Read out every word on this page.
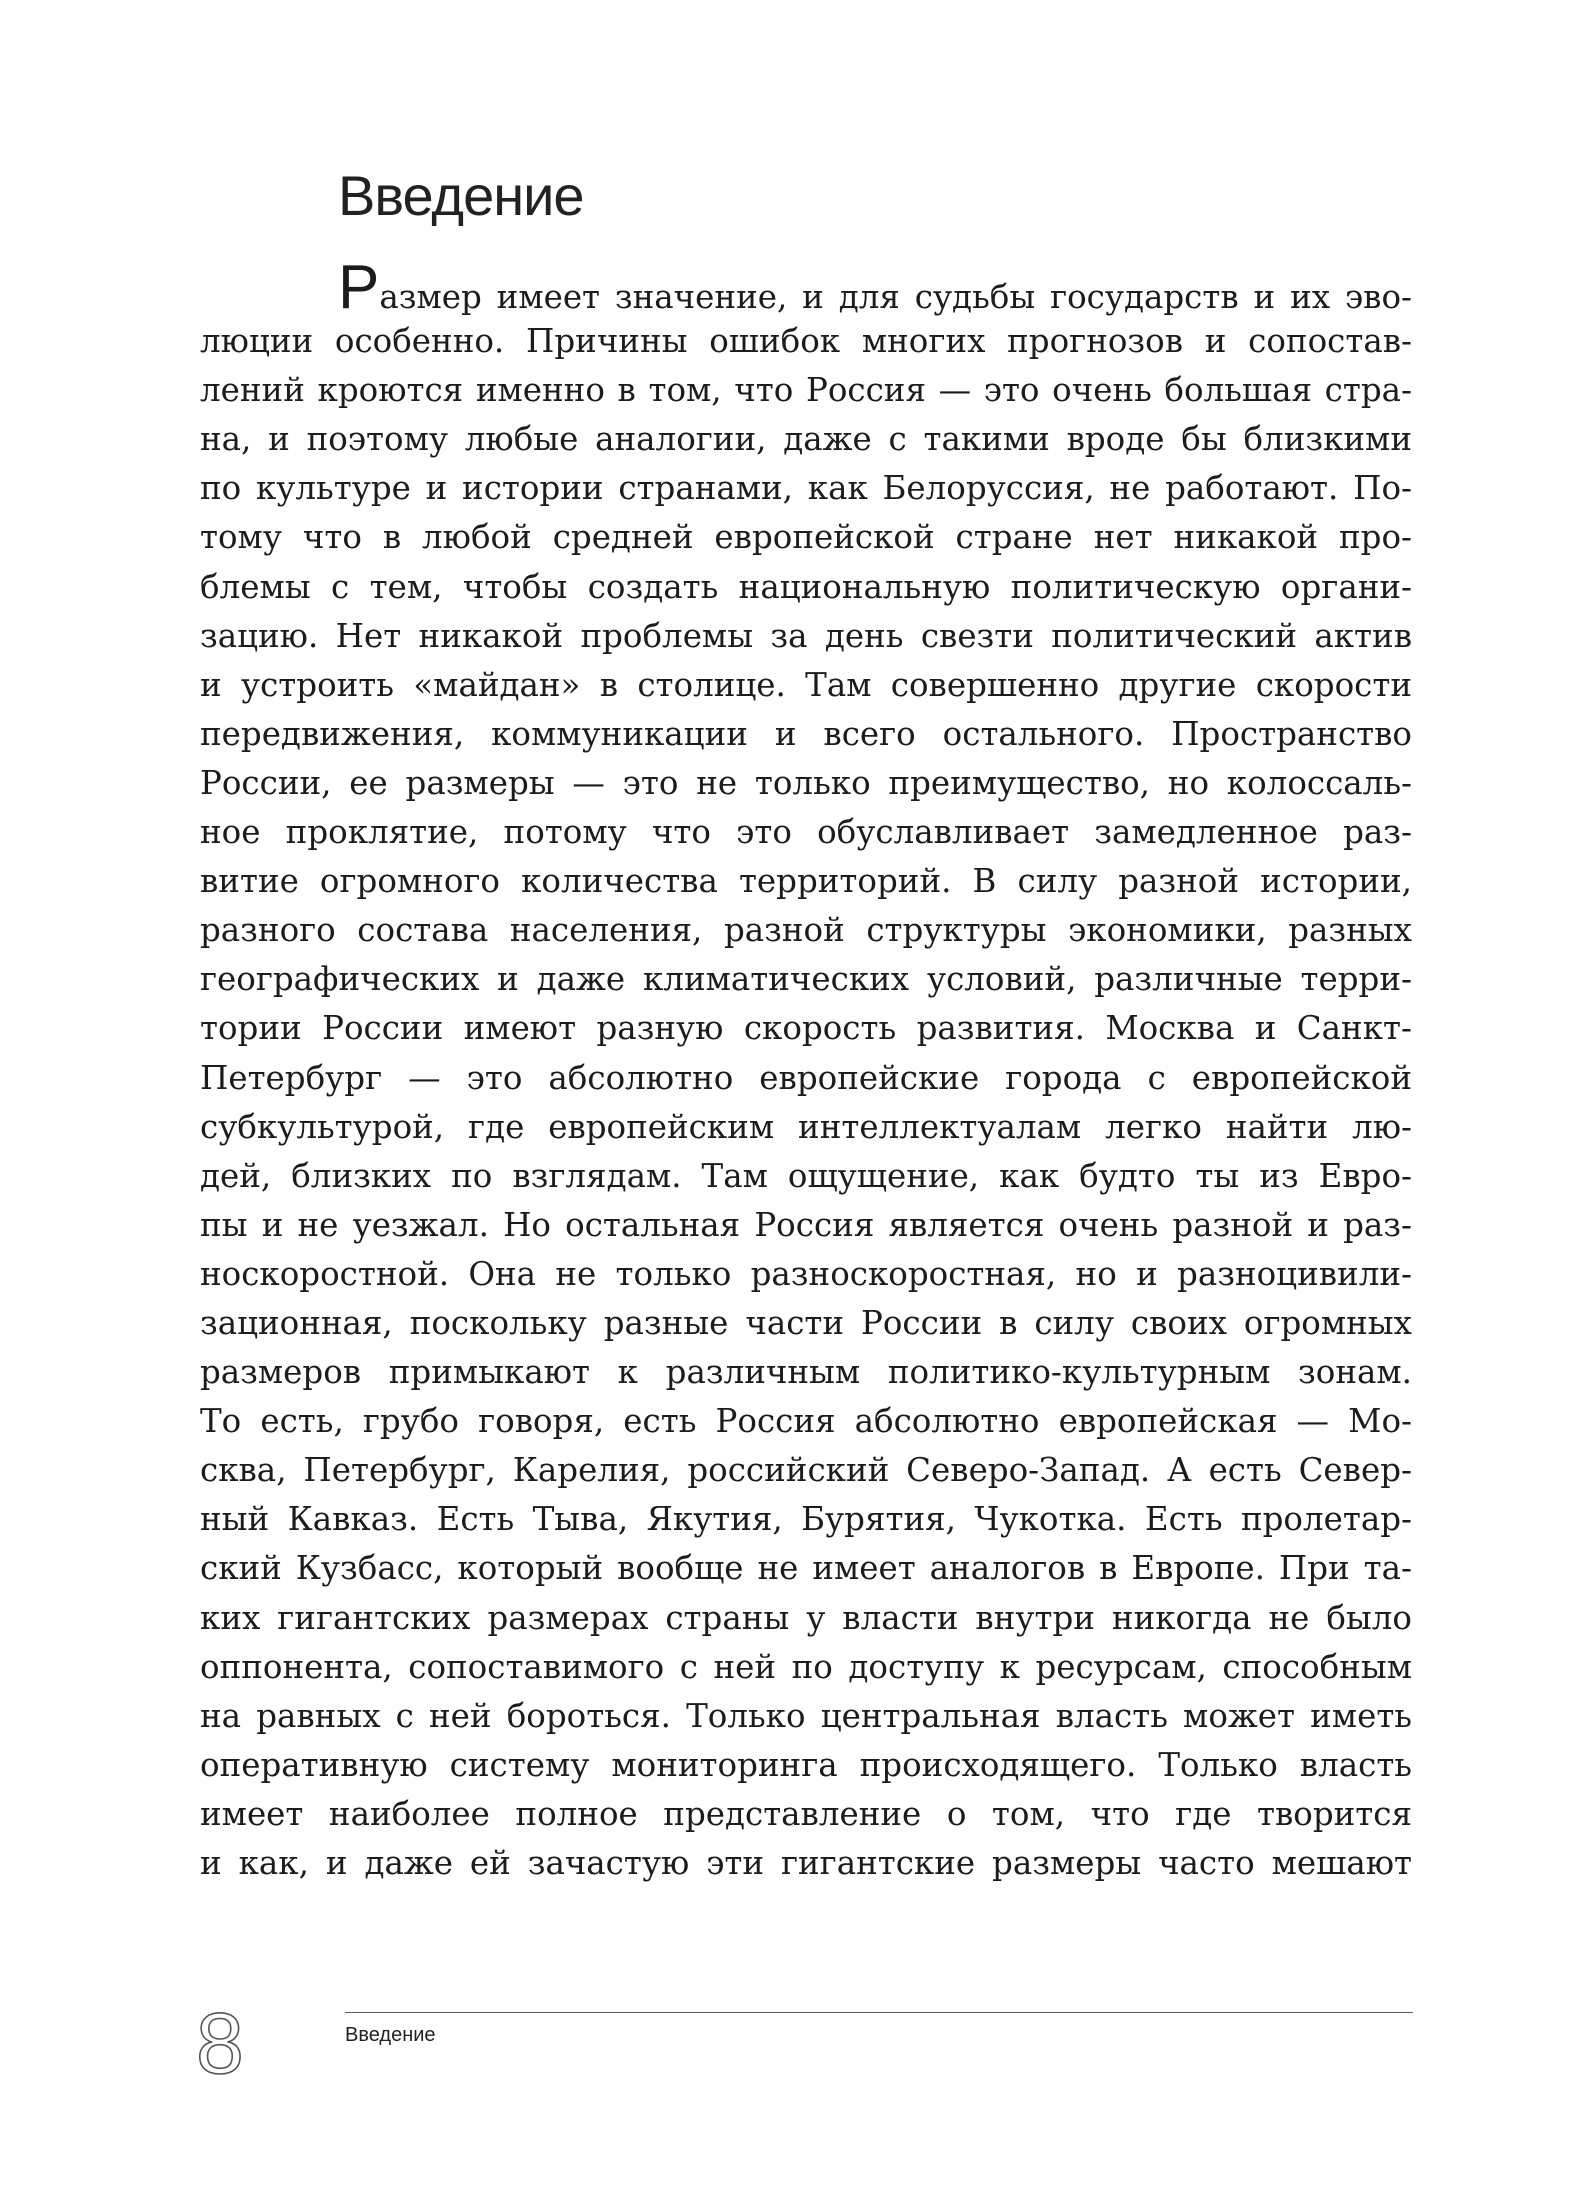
Введение
Размер имеет значение, и для судьбы государств и их эво-
люции особенно. Причины ошибок многих прогнозов и сопостав-
лений кроются именно в том, что Россия — это очень большая стра-
на, и поэтому любые аналогии, даже с такими вроде бы близкими
по культуре и истории странами, как Белоруссия, не работают. По-
тому что в любой средней европейской стране нет никакой про-
блемы с тем, чтобы создать национальную политическую органи-
зацию. Нет никакой проблемы за день свезти политический актив
и устроить «майдан» в столице. Там совершенно другие скорости
передвижения, коммуникации и всего остального. Пространство
России, ее размеры — это не только преимущество, но колоссаль-
ное проклятие, потому что это обуславливает замедленное раз-
витие огромного количества территорий. В силу разной истории,
разного состава населения, разной структуры экономики, разных
географических и даже климатических условий, различные терри-
тории России имеют разную скорость развития. Москва и Санкт-
Петербург — это абсолютно европейские города с европейской
субкультурой, где европейским интеллектуалам легко найти лю-
дей, близких по взглядам. Там ощущение, как будто ты из Евро-
пы и не уезжал. Но остальная Россия является очень разной и раз-
носкоростной. Она не только разноскоростная, но и разноцивили-
зационная, поскольку разные части России в силу своих огромных
размеров примыкают к различным политико-культурным зонам.
То есть, грубо говоря, есть Россия абсолютно европейская — Мо-
сква, Петербург, Карелия, российский Северо-Запад. А есть Север-
ный Кавказ. Есть Тыва, Якутия, Бурятия, Чукотка. Есть пролетар-
ский Кузбасс, который вообще не имеет аналогов в Европе. При та-
ких гигантских размерах страны у власти внутри никогда не было
оппонента, сопоставимого с ней по доступу к ресурсам, способным
на равных с ней бороться. Только центральная власть может иметь
оперативную систему мониторинга происходящего. Только власть
имеет наиболее полное представление о том, что где творится
и как, и даже ей зачастую эти гигантские размеры часто мешают
8	Введение
